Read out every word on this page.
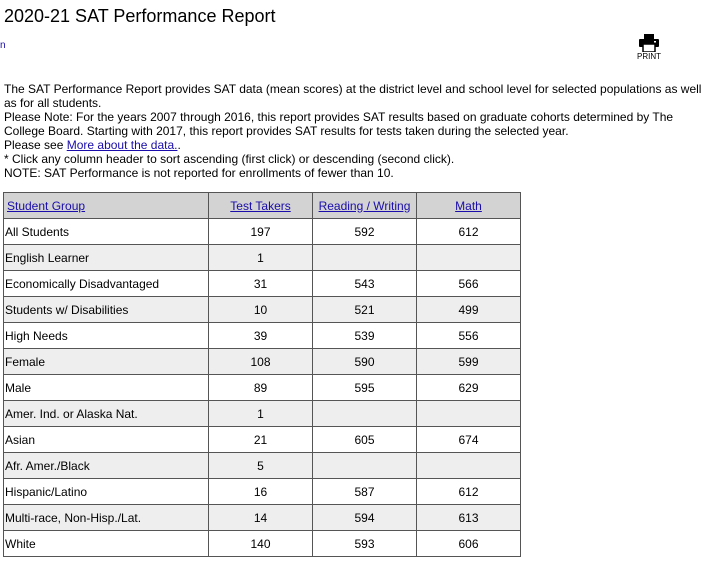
2020-21 SAT Performance Report
n
PRINT

The SAT Performance Report provides SAT data (mean scores) at the district level and school level for selected populations as well as for all students.

Please Note: For the years 2007 through 2016, this report provides SAT results based on graduate cohorts determined by The College Board. Starting with 2017, this report provides SAT results for tests taken during the selected year.

Please see More about the data..

* Click any column header to sort ascending (first click) or descending (second click).

NOTE: SAT Performance is not reported for enrollments of fewer than 10.

Student Group	Test Takers	Reading / Writing	Math
All Students	197	592	612
English Learner	1		
Economically Disadvantaged	31	543	566
Students w/ Disabilities	10	521	499
High Needs	39	539	556
Female	108	590	599
Male	89	595	629
Amer. Ind. or Alaska Nat.	1		
Asian	21	605	674
Afr. Amer./Black	5		
Hispanic/Latino	16	587	612
Multi-race, Non-Hisp./Lat.	14	594	613
White	140	593	606
